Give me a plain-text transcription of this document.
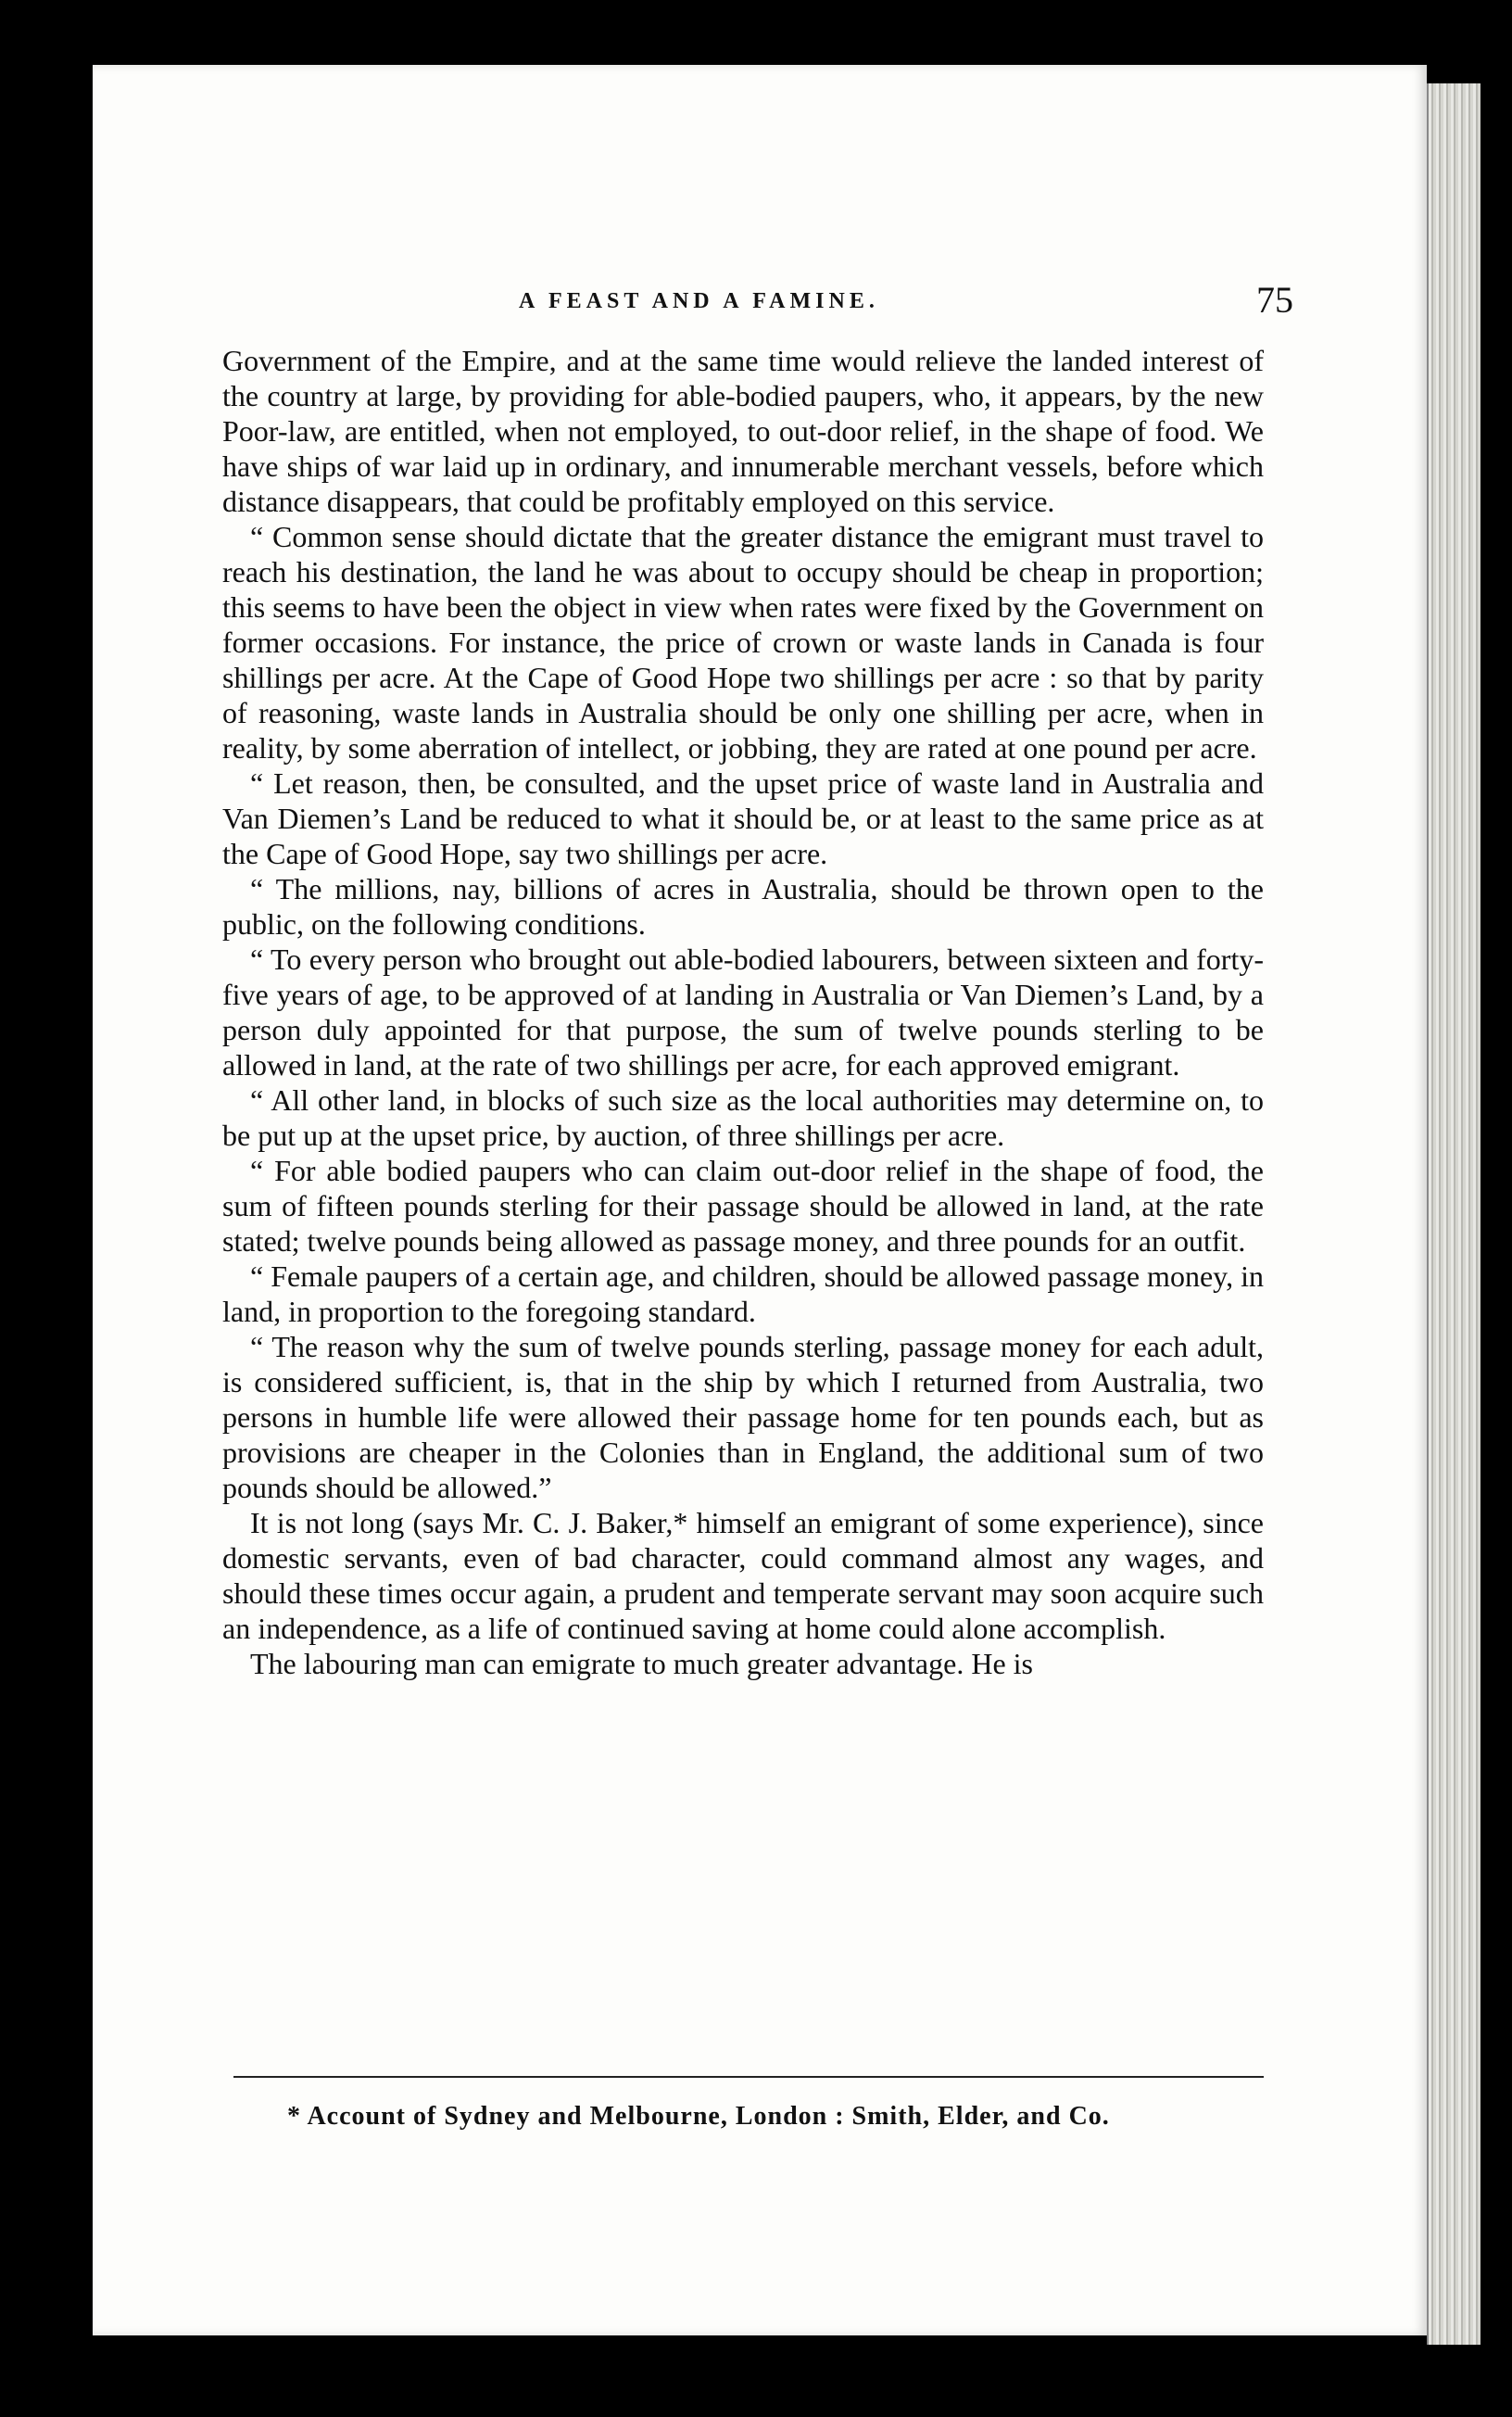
A FEAST AND A FAMINE.	75

Government of the Empire, and at the same time would relieve the landed interest of the country at large, by providing for able-bodied paupers, who, it appears, by the new Poor-law, are entitled, when not employed, to out-door relief, in the shape of food. We have ships of war laid up in ordinary, and innumerable merchant vessels, before which distance disappears, that could be profitably employed on this service.

“ Common sense should dictate that the greater distance the emigrant must travel to reach his destination, the land he was about to occupy should be cheap in proportion; this seems to have been the object in view when rates were fixed by the Government on former occasions. For instance, the price of crown or waste lands in Canada is four shillings per acre. At the Cape of Good Hope two shillings per acre : so that by parity of reasoning, waste lands in Australia should be only one shilling per acre, when in reality, by some aberration of intellect, or jobbing, they are rated at one pound per acre.

“ Let reason, then, be consulted, and the upset price of waste land in Australia and Van Diemen’s Land be reduced to what it should be, or at least to the same price as at the Cape of Good Hope, say two shillings per acre.

“ The millions, nay, billions of acres in Australia, should be thrown open to the public, on the following conditions.

“ To every person who brought out able-bodied labourers, between sixteen and forty-five years of age, to be approved of at landing in Australia or Van Diemen’s Land, by a person duly appointed for that purpose, the sum of twelve pounds sterling to be allowed in land, at the rate of two shillings per acre, for each approved emigrant.

“ All other land, in blocks of such size as the local authorities may determine on, to be put up at the upset price, by auction, of three shillings per acre.

“ For able bodied paupers who can claim out-door relief in the shape of food, the sum of fifteen pounds sterling for their passage should be allowed in land, at the rate stated; twelve pounds being allowed as passage money, and three pounds for an outfit.

“ Female paupers of a certain age, and children, should be allowed passage money, in land, in proportion to the foregoing standard.

“ The reason why the sum of twelve pounds sterling, passage money for each adult, is considered sufficient, is, that in the ship by which I returned from Australia, two persons in humble life were allowed their passage home for ten pounds each, but as provisions are cheaper in the Colonies than in England, the additional sum of two pounds should be allowed.”

It is not long (says Mr. C. J. Baker,* himself an emigrant of some experience), since domestic servants, even of bad character, could command almost any wages, and should these times occur again, a prudent and temperate servant may soon acquire such an independence, as a life of continued saving at home could alone accomplish.

The labouring man can emigrate to much greater advantage. He is

* Account of Sydney and Melbourne, London : Smith, Elder, and Co.
